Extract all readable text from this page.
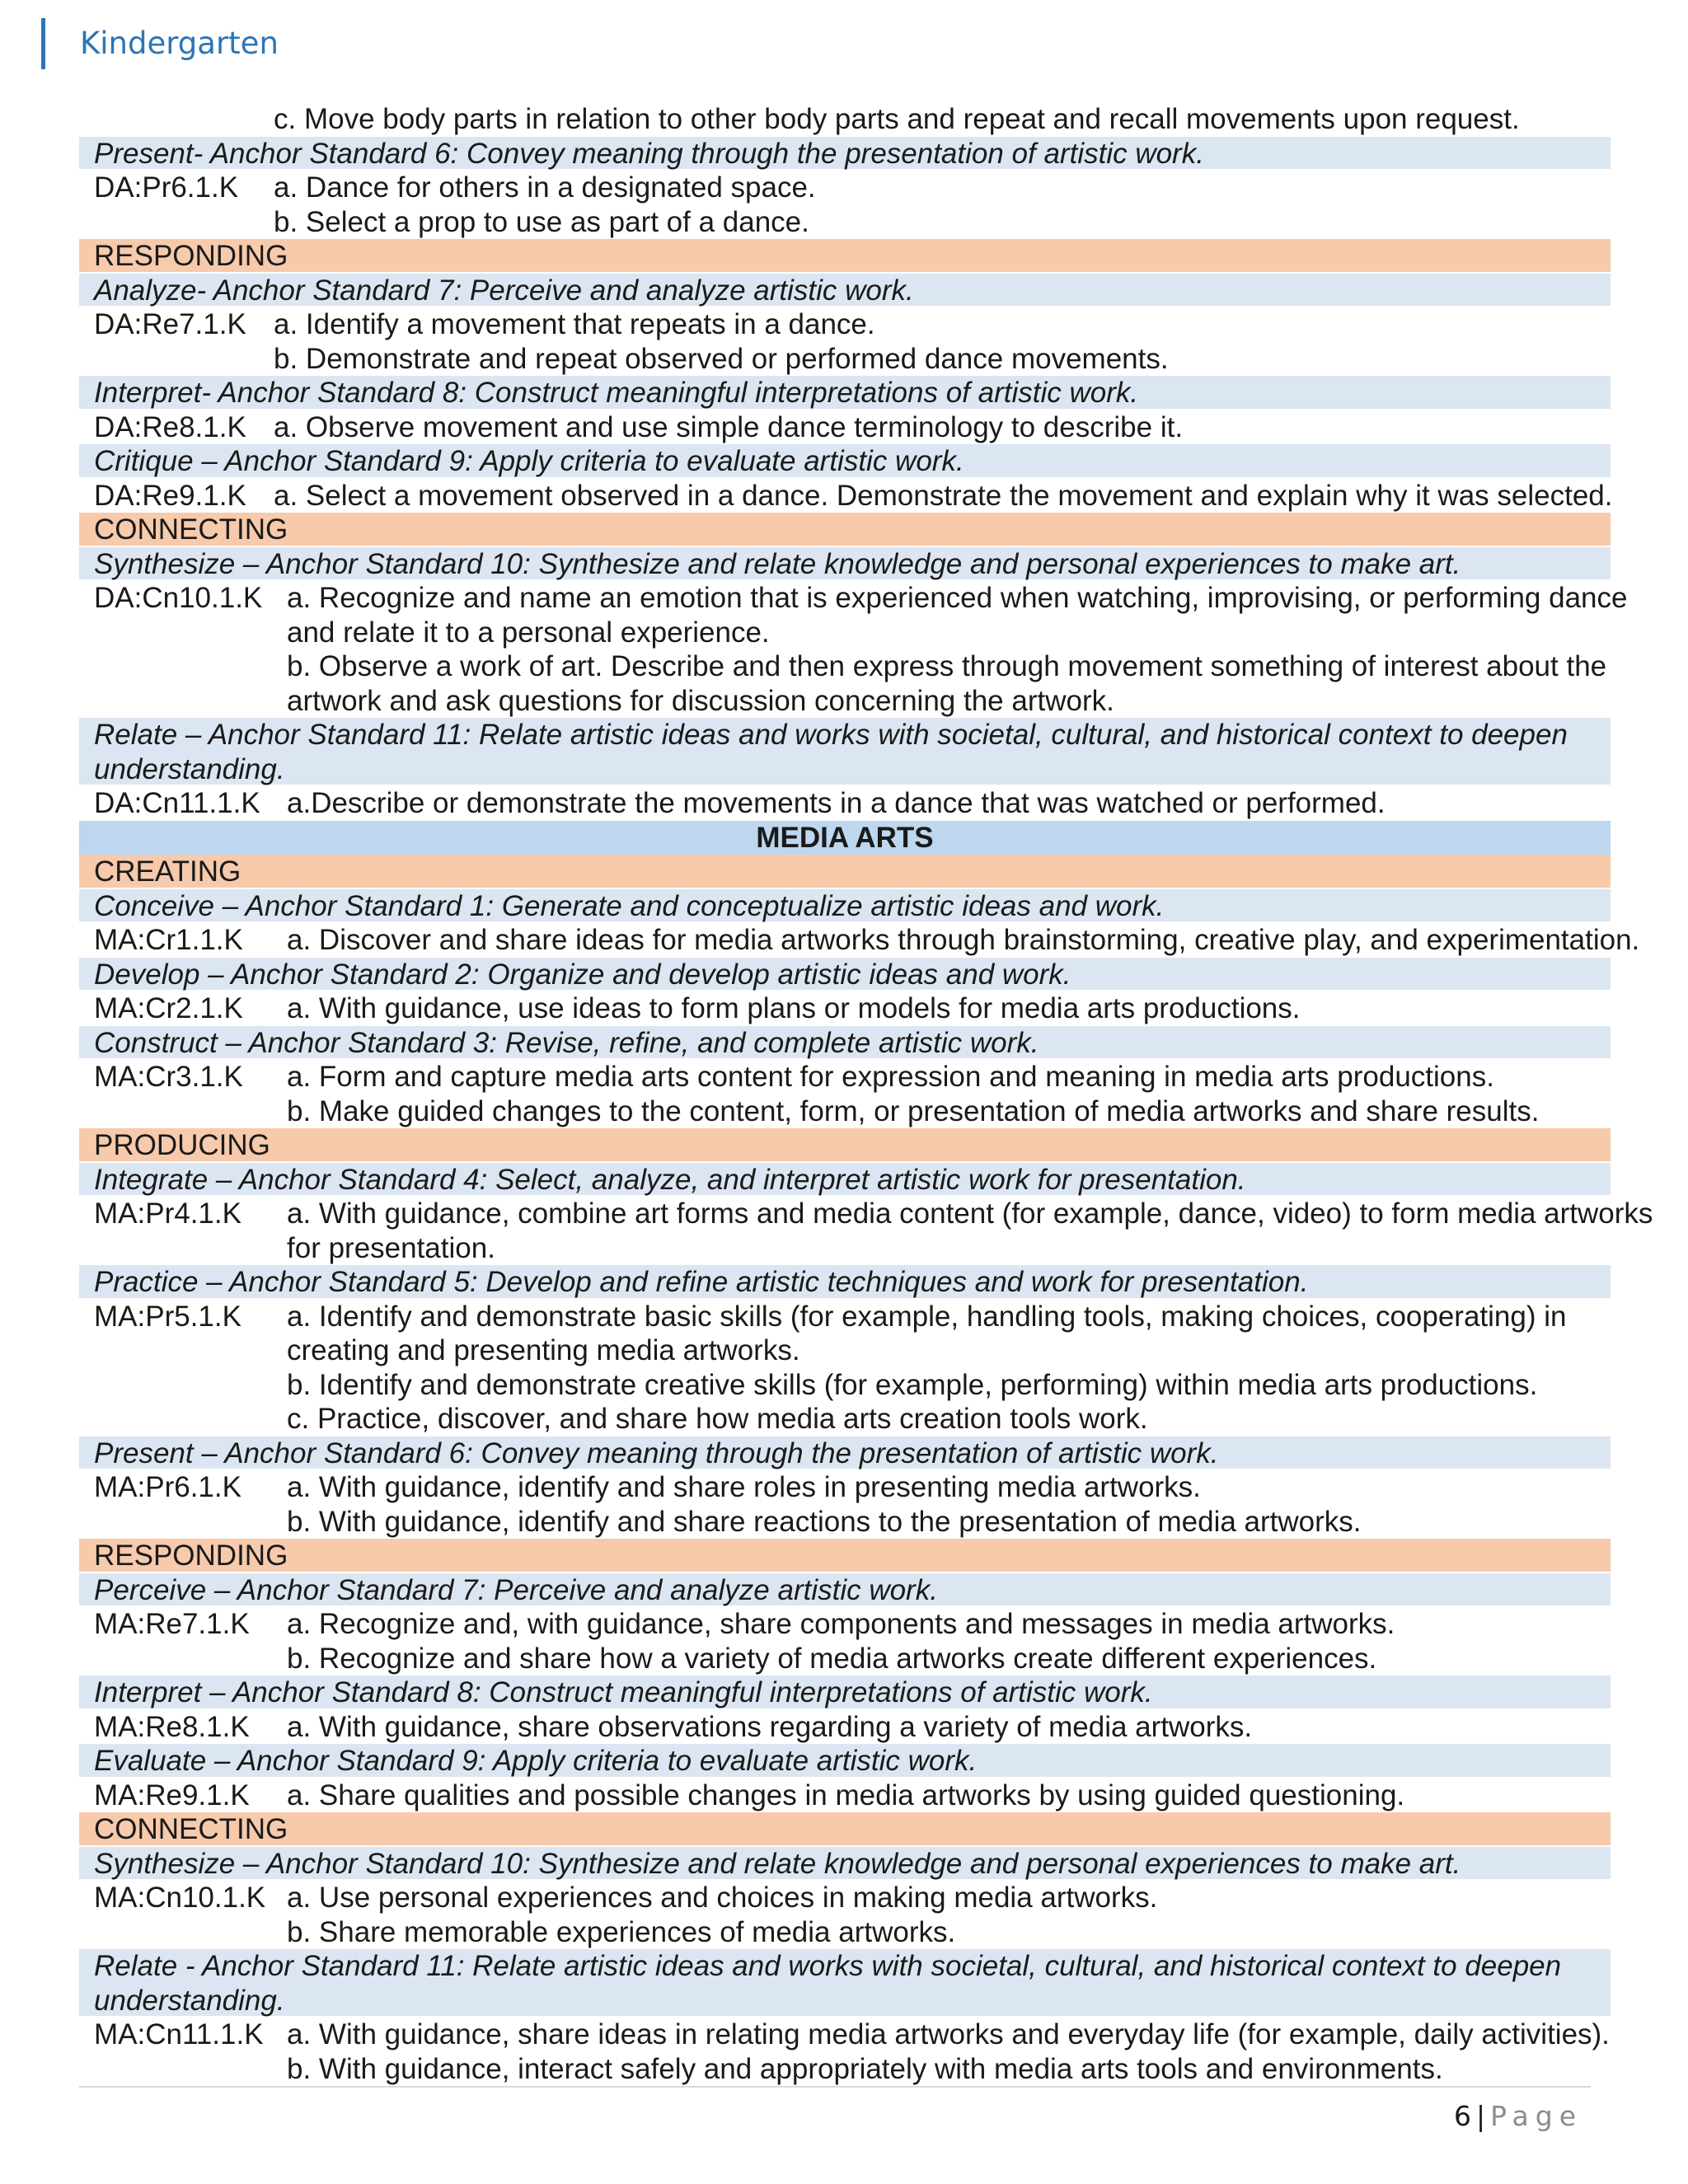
Kindergarten
c. Move body parts in relation to other body parts and repeat and recall movements upon request.
Present- Anchor Standard 6: Convey meaning through the presentation of artistic work.
DA:Pr6.1.K a. Dance for others in a designated space.
b. Select a prop to use as part of a dance.
RESPONDING
Analyze- Anchor Standard 7: Perceive and analyze artistic work.
DA:Re7.1.K a. Identify a movement that repeats in a dance.
b. Demonstrate and repeat observed or performed dance movements.
Interpret- Anchor Standard 8: Construct meaningful interpretations of artistic work.
DA:Re8.1.K a. Observe movement and use simple dance terminology to describe it.
Critique – Anchor Standard 9: Apply criteria to evaluate artistic work.
DA:Re9.1.K a. Select a movement observed in a dance. Demonstrate the movement and explain why it was selected.
CONNECTING
Synthesize – Anchor Standard 10: Synthesize and relate knowledge and personal experiences to make art.
DA:Cn10.1.K a. Recognize and name an emotion that is experienced when watching, improvising, or performing dance
and relate it to a personal experience.
b. Observe a work of art. Describe and then express through movement something of interest about the
artwork and ask questions for discussion concerning the artwork.
Relate – Anchor Standard 11: Relate artistic ideas and works with societal, cultural, and historical context to deepen understanding.
DA:Cn11.1.K a.Describe or demonstrate the movements in a dance that was watched or performed.
MEDIA ARTS
CREATING
Conceive – Anchor Standard 1: Generate and conceptualize artistic ideas and work.
MA:Cr1.1.K a. Discover and share ideas for media artworks through brainstorming, creative play, and experimentation.
Develop – Anchor Standard 2: Organize and develop artistic ideas and work.
MA:Cr2.1.K a. With guidance, use ideas to form plans or models for media arts productions.
Construct – Anchor Standard 3: Revise, refine, and complete artistic work.
MA:Cr3.1.K a. Form and capture media arts content for expression and meaning in media arts productions.
b. Make guided changes to the content, form, or presentation of media artworks and share results.
PRODUCING
Integrate – Anchor Standard 4: Select, analyze, and interpret artistic work for presentation.
MA:Pr4.1.K a. With guidance, combine art forms and media content (for example, dance, video) to form media artworks
for presentation.
Practice – Anchor Standard 5: Develop and refine artistic techniques and work for presentation.
MA:Pr5.1.K a. Identify and demonstrate basic skills (for example, handling tools, making choices, cooperating) in
creating and presenting media artworks.
b. Identify and demonstrate creative skills (for example, performing) within media arts productions.
c. Practice, discover, and share how media arts creation tools work.
Present – Anchor Standard 6: Convey meaning through the presentation of artistic work.
MA:Pr6.1.K a. With guidance, identify and share roles in presenting media artworks.
b. With guidance, identify and share reactions to the presentation of media artworks.
RESPONDING
Perceive – Anchor Standard 7: Perceive and analyze artistic work.
MA:Re7.1.K a. Recognize and, with guidance, share components and messages in media artworks.
b. Recognize and share how a variety of media artworks create different experiences.
Interpret – Anchor Standard 8: Construct meaningful interpretations of artistic work.
MA:Re8.1.K a. With guidance, share observations regarding a variety of media artworks.
Evaluate – Anchor Standard 9: Apply criteria to evaluate artistic work.
MA:Re9.1.K a. Share qualities and possible changes in media artworks by using guided questioning.
CONNECTING
Synthesize – Anchor Standard 10: Synthesize and relate knowledge and personal experiences to make art.
MA:Cn10.1.K a. Use personal experiences and choices in making media artworks.
b. Share memorable experiences of media artworks.
Relate - Anchor Standard 11: Relate artistic ideas and works with societal, cultural, and historical context to deepen understanding.
MA:Cn11.1.K a. With guidance, share ideas in relating media artworks and everyday life (for example, daily activities).
b. With guidance, interact safely and appropriately with media arts tools and environments.
6 | Page
